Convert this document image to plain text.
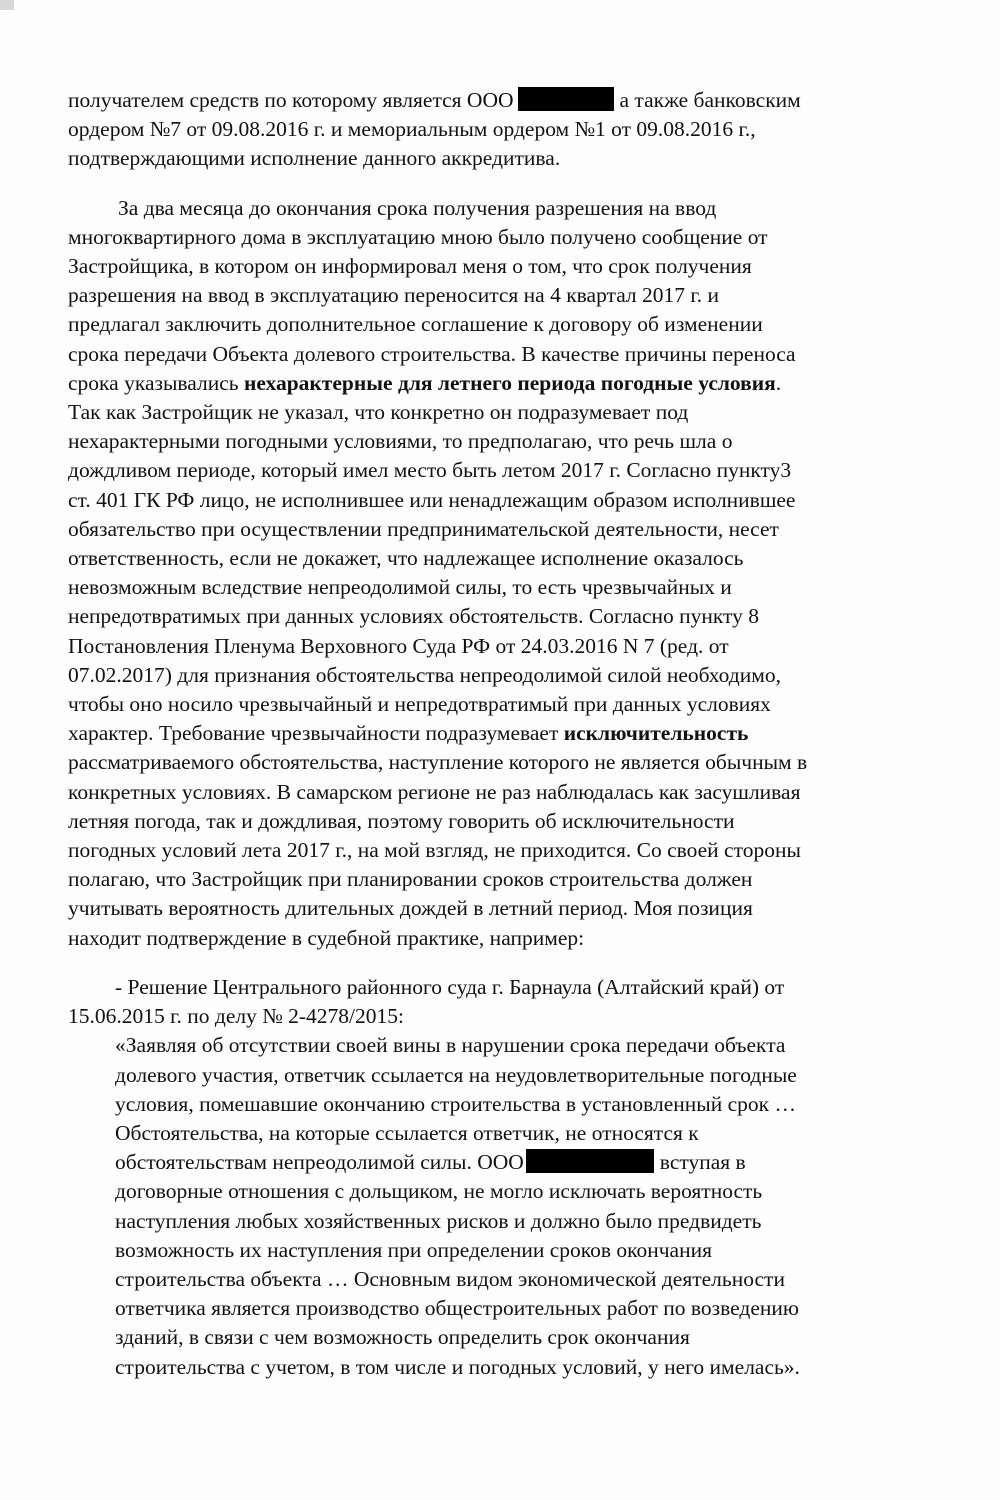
получателем средств по которому является ООО	а также банковским
ордером №7 от 09.08.2016 г. и мемориальным ордером №1 от 09.08.2016 г.,
подтверждающими исполнение данного аккредитива.
За два месяца до окончания срока получения разрешения на ввод
многоквартирного дома в эксплуатацию мною было получено сообщение от
Застройщика, в котором он информировал меня о том, что срок получения
разрешения на ввод в эксплуатацию переносится на 4 квартал 2017 г. и
предлагал заключить дополнительное соглашение к договору об изменении
срока передачи Объекта долевого строительства. В качестве причины переноса
срока указывались нехарактерные для летнего периода погодные условия.
Так как Застройщик не указал, что конкретно он подразумевает под
нехарактерными погодными условиями, то предполагаю, что речь шла о
дождливом периоде, который имел место быть летом 2017 г. Согласно пункту3
ст. 401 ГК РФ лицо, не исполнившее или ненадлежащим образом исполнившее
обязательство при осуществлении предпринимательской деятельности, несет
ответственность, если не докажет, что надлежащее исполнение оказалось
невозможным вследствие непреодолимой силы, то есть чрезвычайных и
непредотвратимых при данных условиях обстоятельств. Согласно пункту 8
Постановления Пленума Верховного Суда РФ от 24.03.2016 N 7 (ред. от
07.02.2017) для признания обстоятельства непреодолимой силой необходимо,
чтобы оно носило чрезвычайный и непредотвратимый при данных условиях
характер. Требование чрезвычайности подразумевает исключительность
рассматриваемого обстоятельства, наступление которого не является обычным в
конкретных условиях. В самарском регионе не раз наблюдалась как засушливая
летняя погода, так и дождливая, поэтому говорить об исключительности
погодных условий лета 2017 г., на мой взгляд, не приходится. Со своей стороны
полагаю, что Застройщик при планировании сроков строительства должен
учитывать вероятность длительных дождей в летний период. Моя позиция
находит подтверждение в судебной практике, например:
- Решение Центрального районного суда г. Барнаула (Алтайский край) от
15.06.2015 г. по делу № 2-4278/2015:
«Заявляя об отсутствии своей вины в нарушении срока передачи объекта
долевого участия, ответчик ссылается на неудовлетворительные погодные
условия, помешавшие окончанию строительства в установленный срок …
Обстоятельства, на которые ссылается ответчик, не относятся к
обстоятельствам непреодолимой силы. ООО	вступая в
договорные отношения с дольщиком, не могло исключать вероятность
наступления любых хозяйственных рисков и должно было предвидеть
возможность их наступления при определении сроков окончания
строительства объекта … Основным видом экономической деятельности
ответчика является производство общестроительных работ по возведению
зданий, в связи с чем возможность определить срок окончания
строительства с учетом, в том числе и погодных условий, у него имелась».
